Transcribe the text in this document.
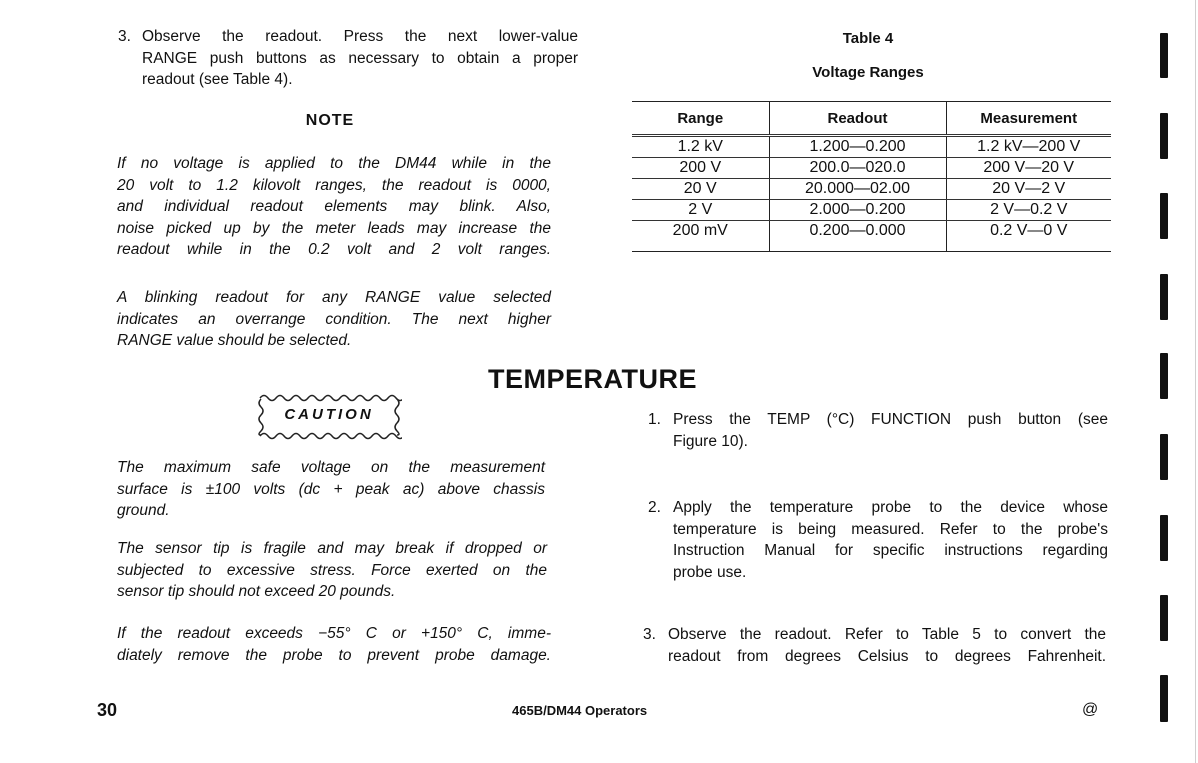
3. Observe the readout. Press the next lower-value
RANGE push buttons as necessary to obtain a proper
readout (see Table 4).
NOTE
If no voltage is applied to the DM44 while in the
20 volt to 1.2 kilovolt ranges, the readout is 0000,
and individual readout elements may blink. Also,
noise picked up by the meter leads may increase the
readout while in the 0.2 volt and 2 volt ranges.
A blinking readout for any RANGE value selected
indicates an overrange condition. The next higher
RANGE value should be selected.
CAUTION
The maximum safe voltage on the measurement
surface is ±100 volts (dc + peak ac) above chassis
ground.
The sensor tip is fragile and may break if dropped or
subjected to excessive stress. Force exerted on the
sensor tip should not exceed 20 pounds.
If the readout exceeds −55° C or +150° C, imme-
diately remove the probe to prevent probe damage.
Table 4
Voltage Ranges
Range	Readout	Measurement
1.2 kV	1.200—0.200	1.2 kV—200 V
200 V	200.0—020.0	200 V—20 V
20 V	20.000—02.00	20 V—2 V
2 V	2.000—0.200	2 V—0.2 V
200 mV	0.200—0.000	0.2 V—0 V
TEMPERATURE
1. Press the TEMP (°C) FUNCTION push button (see
Figure 10).
2. Apply the temperature probe to the device whose
temperature is being measured. Refer to the probe's
Instruction Manual for specific instructions regarding
probe use.
3. Observe the readout. Refer to Table 5 to convert the
readout from degrees Celsius to degrees Fahrenheit.
30	465B/DM44 Operators	@
